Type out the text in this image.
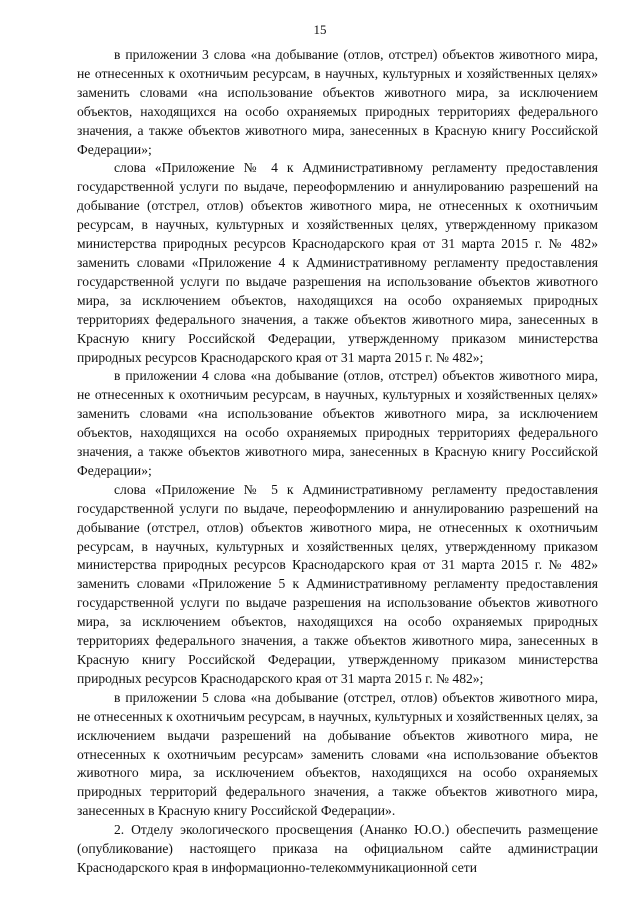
15

в приложении 3 слова «на добывание (отлов, отстрел) объектов животного мира, не отнесенных к охотничьим ресурсам, в научных, культурных и хозяйственных целях» заменить словами «на использование объектов животного мира, за исключением объектов, находящихся на особо охраняемых природных территориях федерального значения, а также объектов животного мира, занесенных в Красную книгу Российской Федерации»;

слова «Приложение № 4 к Административному регламенту предоставления государственной услуги по выдаче, переоформлению и аннулированию разрешений на добывание (отстрел, отлов) объектов животного мира, не отнесенных к охотничьим ресурсам, в научных, культурных и хозяйственных целях, утвержденному приказом министерства природных ресурсов Краснодарского края от 31 марта 2015 г. № 482» заменить словами «Приложение 4 к Административному регламенту предоставления государственной услуги по выдаче разрешения на использование объектов животного мира, за исключением объектов, находящихся на особо охраняемых природных территориях федерального значения, а также объектов животного мира, занесенных в Красную книгу Российской Федерации, утвержденному приказом министерства природных ресурсов Краснодарского края от 31 марта 2015 г. № 482»;

в приложении 4 слова «на добывание (отлов, отстрел) объектов животного мира, не отнесенных к охотничьим ресурсам, в научных, культурных и хозяйственных целях» заменить словами «на использование объектов животного мира, за исключением объектов, находящихся на особо охраняемых природных территориях федерального значения, а также объектов животного мира, занесенных в Красную книгу Российской Федерации»;

слова «Приложение № 5 к Административному регламенту предоставления государственной услуги по выдаче, переоформлению и аннулированию разрешений на добывание (отстрел, отлов) объектов животного мира, не отнесенных к охотничьим ресурсам, в научных, культурных и хозяйственных целях, утвержденному приказом министерства природных ресурсов Краснодарского края от 31 марта 2015 г. № 482» заменить словами «Приложение 5 к Административному регламенту предоставления государственной услуги по выдаче разрешения на использование объектов животного мира, за исключением объектов, находящихся на особо охраняемых природных территориях федерального значения, а также объектов животного мира, занесенных в Красную книгу Российской Федерации, утвержденному приказом министерства природных ресурсов Краснодарского края от 31 марта 2015 г. № 482»;

в приложении 5 слова «на добывание (отстрел, отлов) объектов животного мира, не отнесенных к охотничьим ресурсам, в научных, культурных и хозяйственных целях, за исключением выдачи разрешений на добывание объектов животного мира, не отнесенных к охотничьим ресурсам» заменить словами «на использование объектов животного мира, за исключением объектов, находящихся на особо охраняемых природных территорий федерального значения, а также объектов животного мира, занесенных в Красную книгу Российской Федерации».

2. Отделу экологического просвещения (Ананко Ю.О.) обеспечить размещение (опубликование) настоящего приказа на официальном сайте администрации Краснодарского края в информационно-телекоммуникационной сети
